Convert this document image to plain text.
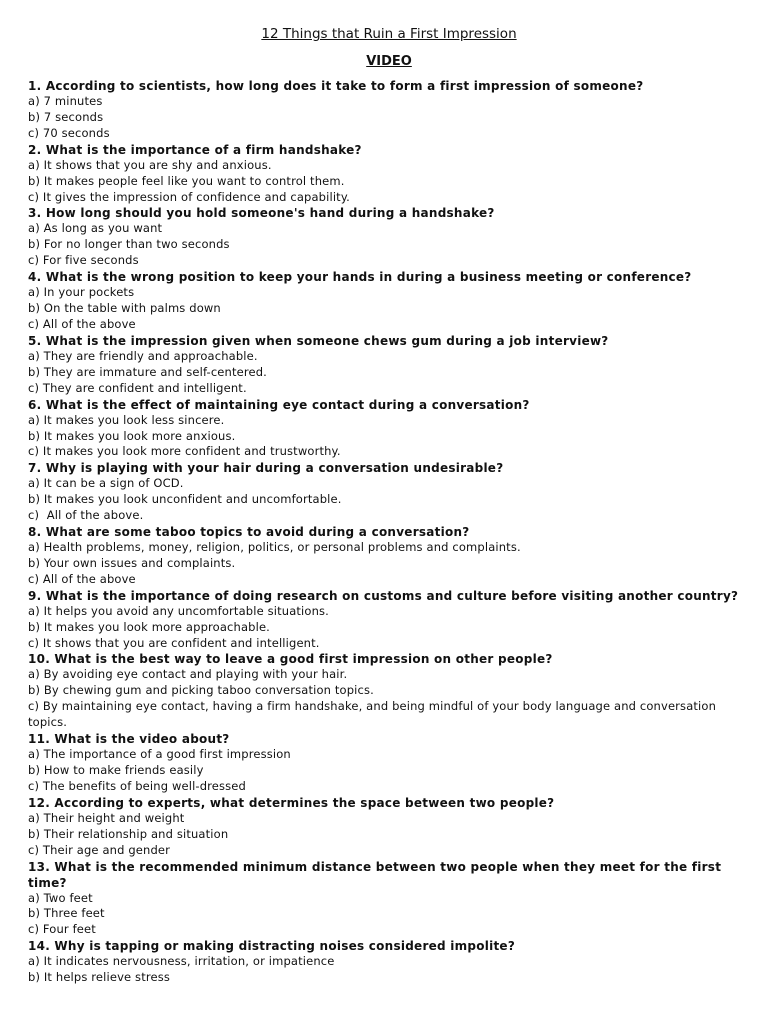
12 Things that Ruin a First Impression
VIDEO

1. According to scientists, how long does it take to form a first impression of someone?

a) 7 minutes

b) 7 seconds

c) 70 seconds

2. What is the importance of a firm handshake?

a) It shows that you are shy and anxious.

b) It makes people feel like you want to control them.

c) It gives the impression of confidence and capability.

3. How long should you hold someone's hand during a handshake?

a) As long as you want

b) For no longer than two seconds

c) For five seconds

4. What is the wrong position to keep your hands in during a business meeting or conference?

a) In your pockets

b) On the table with palms down

c) All of the above

5. What is the impression given when someone chews gum during a job interview?

a) They are friendly and approachable.

b) They are immature and self-centered.

c) They are confident and intelligent.

6. What is the effect of maintaining eye contact during a conversation?

a) It makes you look less sincere.

b) It makes you look more anxious.

c) It makes you look more confident and trustworthy.

7. Why is playing with your hair during a conversation undesirable?

a) It can be a sign of OCD.

b) It makes you look unconfident and uncomfortable.

c)  All of the above.

8. What are some taboo topics to avoid during a conversation?

a) Health problems, money, religion, politics, or personal problems and complaints.

b) Your own issues and complaints.

c) All of the above

9. What is the importance of doing research on customs and culture before visiting another country?

a) It helps you avoid any uncomfortable situations.

b) It makes you look more approachable.

c) It shows that you are confident and intelligent.

10. What is the best way to leave a good first impression on other people?

a) By avoiding eye contact and playing with your hair.

b) By chewing gum and picking taboo conversation topics.

c) By maintaining eye contact, having a firm handshake, and being mindful of your body language and conversation topics.

11. What is the video about?

a) The importance of a good first impression

b) How to make friends easily

c) The benefits of being well-dressed

12. According to experts, what determines the space between two people?

a) Their height and weight

b) Their relationship and situation

c) Their age and gender

13. What is the recommended minimum distance between two people when they meet for the first time?

a) Two feet

b) Three feet

c) Four feet

14. Why is tapping or making distracting noises considered impolite?

a) It indicates nervousness, irritation, or impatience

b) It helps relieve stress
